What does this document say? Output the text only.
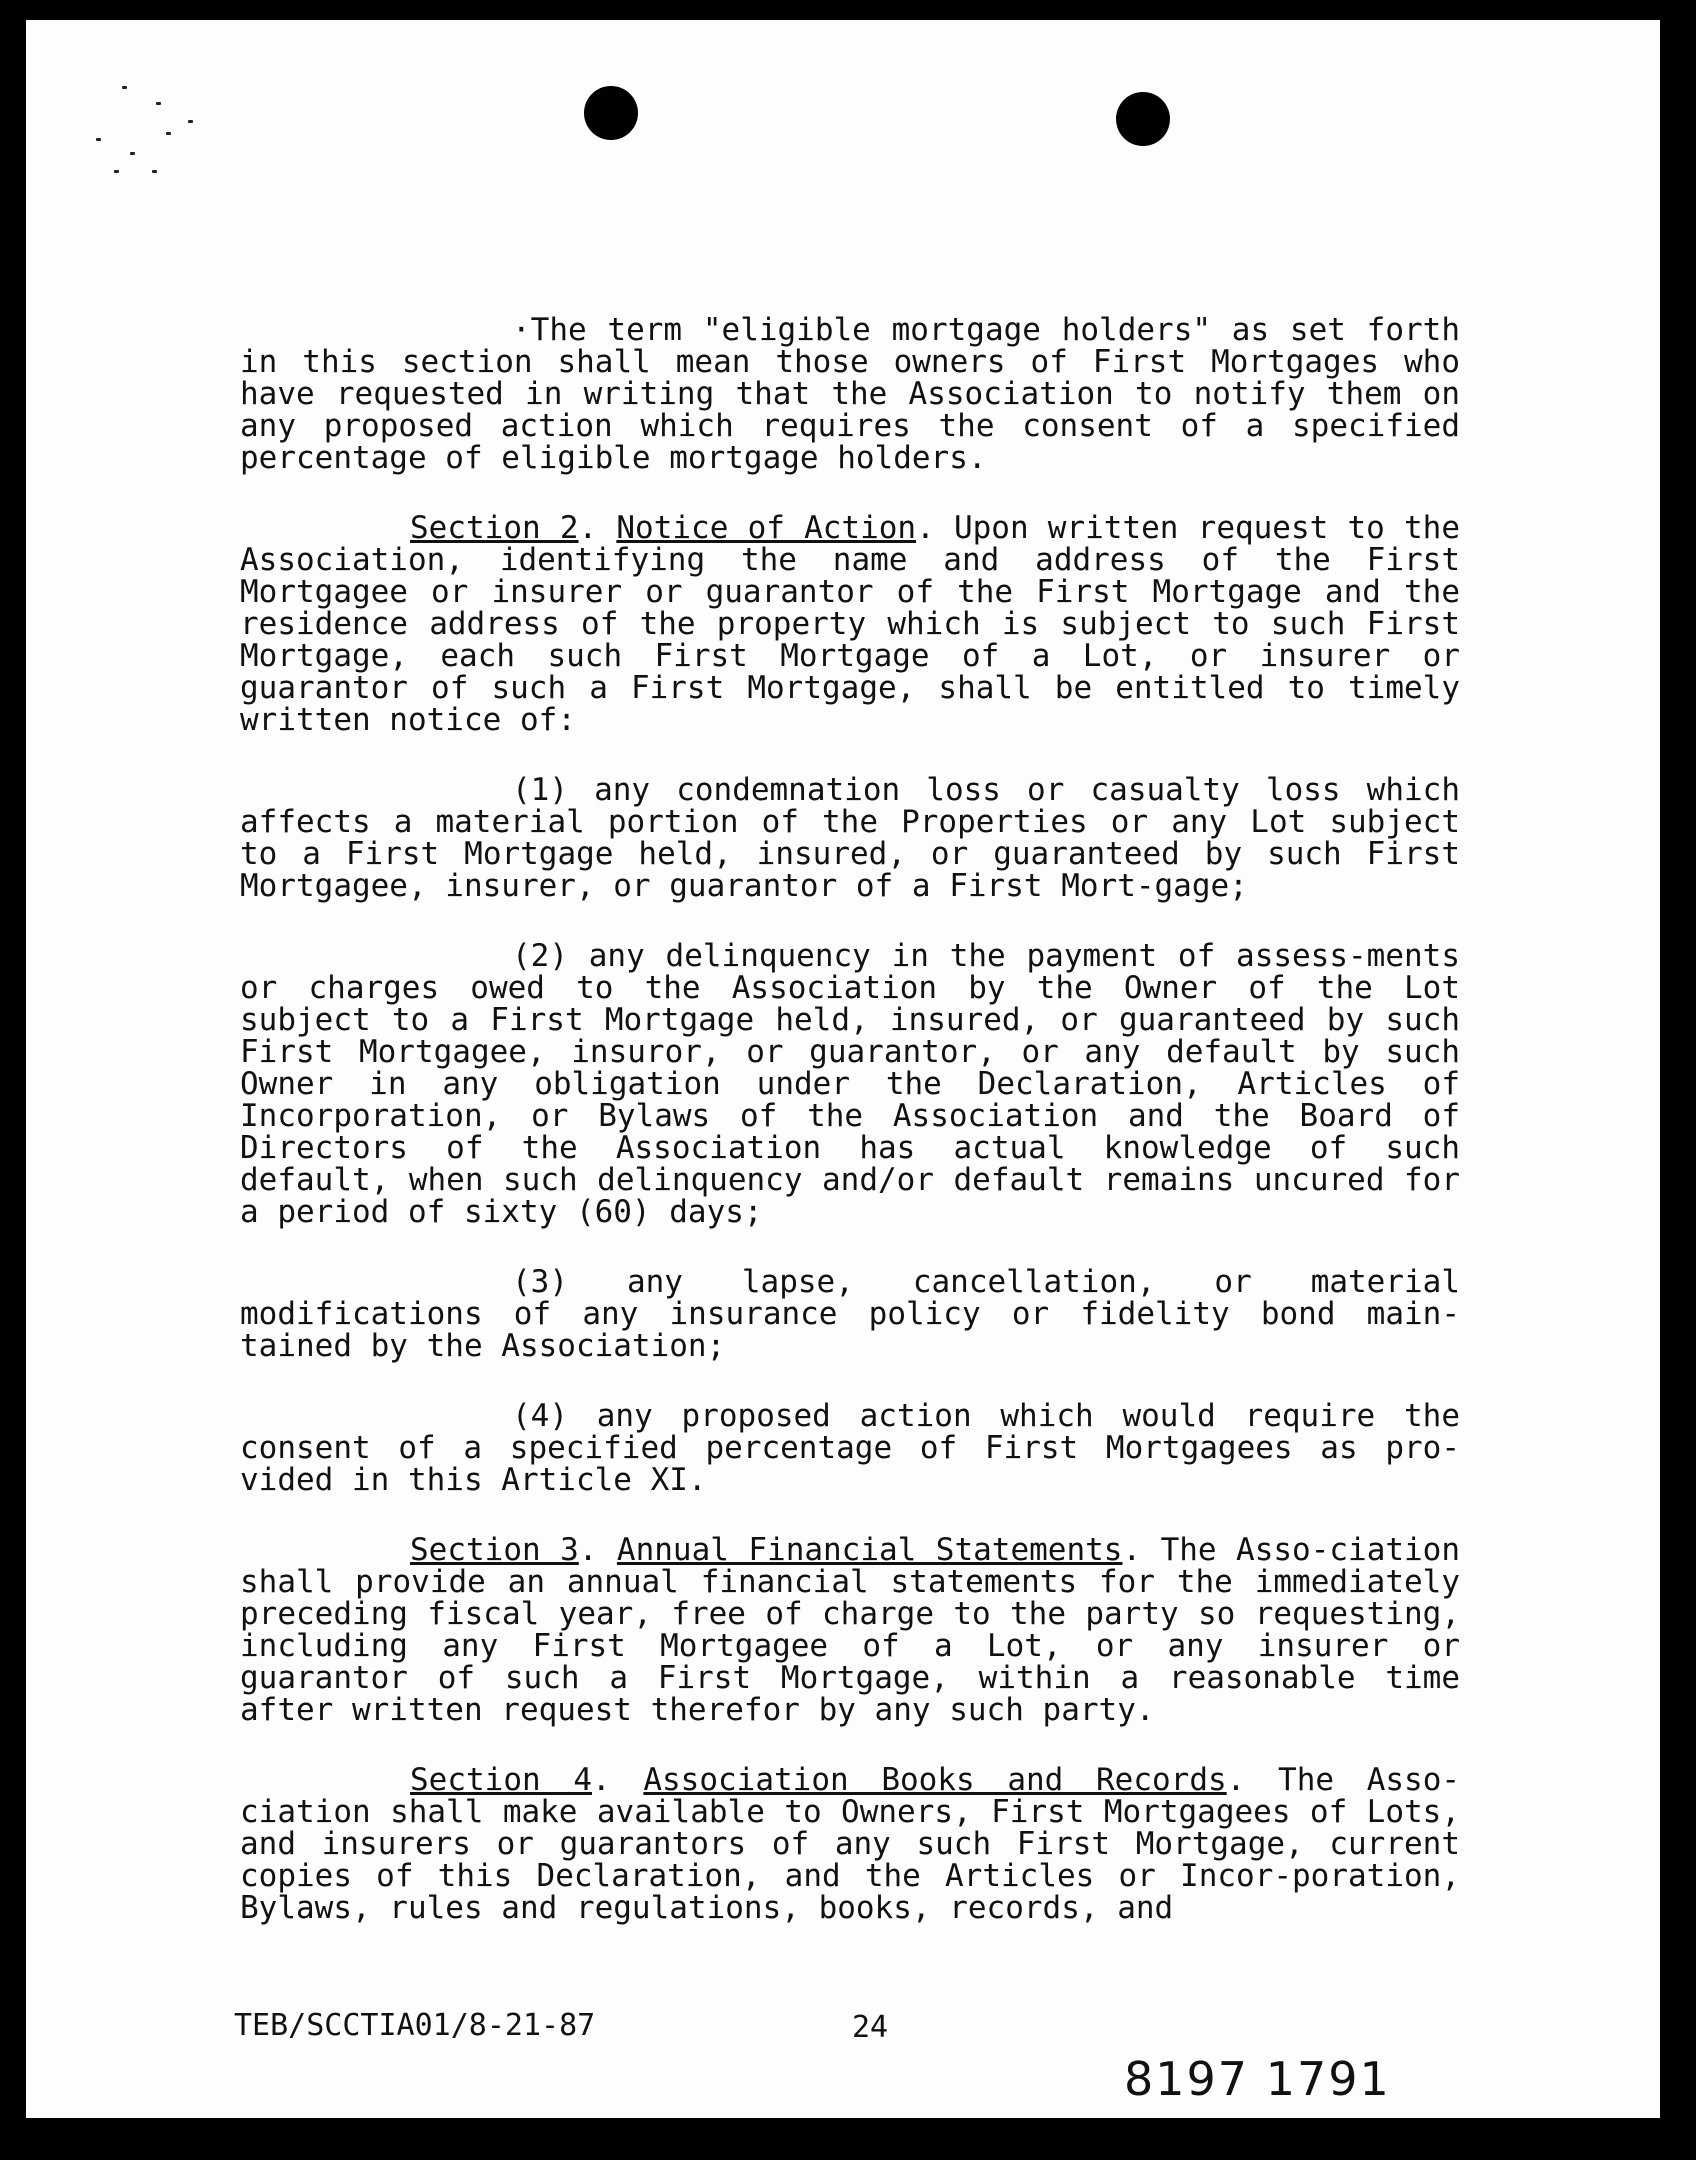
·The term "eligible mortgage holders" as set forth in this section shall mean those owners of First Mortgages who have requested in writing that the Association to notify them on any proposed action which requires the consent of a specified percentage of eligible mortgage holders.

Section 2. Notice of Action. Upon written request to the Association, identifying the name and address of the First Mortgagee or insurer or guarantor of the First Mortgage and the residence address of the property which is subject to such First Mortgage, each such First Mortgage of a Lot, or insurer or guarantor of such a First Mortgage, shall be entitled to timely written notice of:

(1) any condemnation loss or casualty loss which affects a material portion of the Properties or any Lot subject to a First Mortgage held, insured, or guaranteed by such First Mortgagee, insurer, or guarantor of a First Mort-gage;

(2) any delinquency in the payment of assess-ments or charges owed to the Association by the Owner of the Lot subject to a First Mortgage held, insured, or guaranteed by such First Mortgagee, insuror, or guarantor, or any default by such Owner in any obligation under the Declaration, Articles of Incorporation, or Bylaws of the Association and the Board of Directors of the Association has actual knowledge of such default, when such delinquency and/or default remains uncured for a period of sixty (60) days;

(3) any lapse, cancellation, or material modifications of any insurance policy or fidelity bond main-tained by the Association;

(4) any proposed action which would require the consent of a specified percentage of First Mortgagees as pro-vided in this Article XI.

Section 3. Annual Financial Statements. The Asso-ciation shall provide an annual financial statements for the immediately preceding fiscal year, free of charge to the party so requesting, including any First Mortgagee of a Lot, or any insurer or guarantor of such a First Mortgage, within a reasonable time after written request therefor by any such party.

Section 4. Association Books and Records. The Asso-ciation shall make available to Owners, First Mortgagees of Lots, and insurers or guarantors of any such First Mortgage, current copies of this Declaration, and the Articles or Incor-poration, Bylaws, rules and regulations, books, records, and

TEB/SCCTIA01/8-21-87	24
8197 1791
